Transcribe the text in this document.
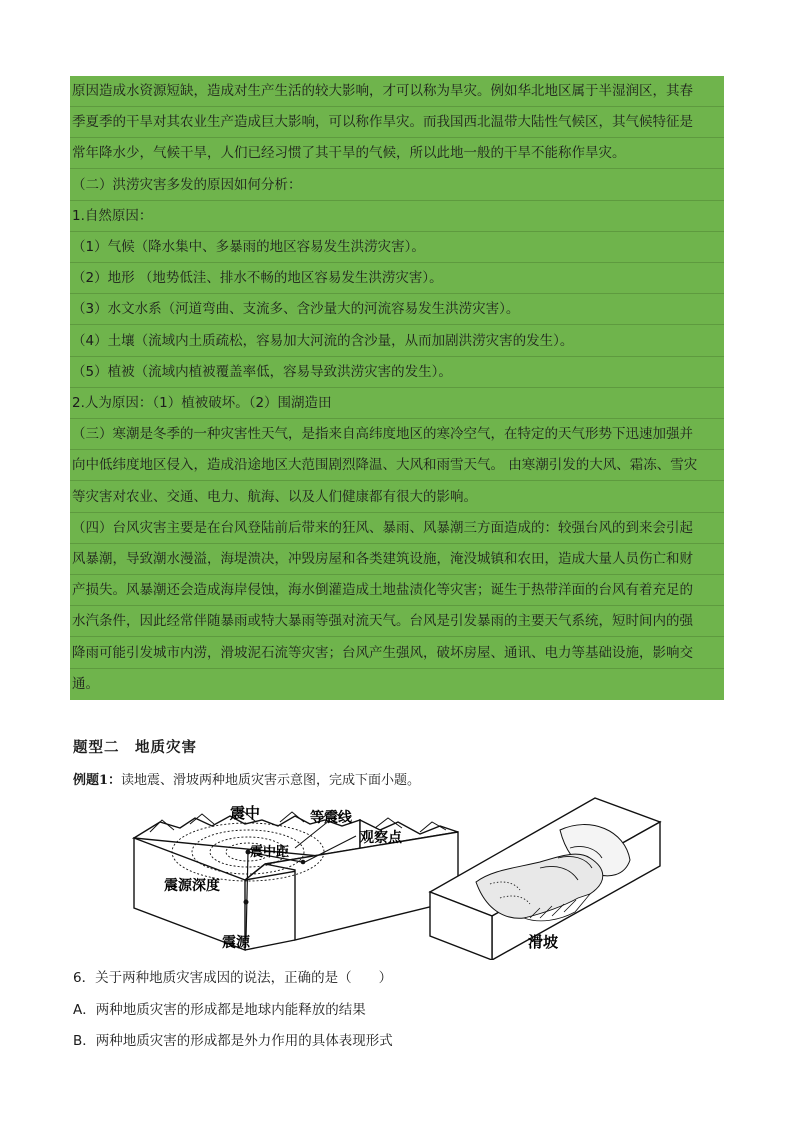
原因造成水资源短缺，造成对生产生活的较大影响，才可以称为旱灾。例如华北地区属于半湿润区，其春
季夏季的干旱对其农业生产造成巨大影响，可以称作旱灾。而我国西北温带大陆性气候区，其气候特征是
常年降水少，气候干旱，人们已经习惯了其干旱的气候，所以此地一般的干旱不能称作旱灾。
（二）洪涝灾害多发的原因如何分析：
1.自然原因：
（1）气候（降水集中、多暴雨的地区容易发生洪涝灾害）。
（2）地形 （地势低洼、排水不畅的地区容易发生洪涝灾害）。
（3）水文水系（河道弯曲、支流多、含沙量大的河流容易发生洪涝灾害）。
（4）土壤（流域内土质疏松，容易加大河流的含沙量，从而加剧洪涝灾害的发生）。
（5）植被（流域内植被覆盖率低，容易导致洪涝灾害的发生）。
2.人为原因：（1）植被破坏。（2）围湖造田
（三）寒潮是冬季的一种灾害性天气，是指来自高纬度地区的寒冷空气，在特定的天气形势下迅速加强并
向中低纬度地区侵入，造成沿途地区大范围剧烈降温、大风和雨雪天气。 由寒潮引发的大风、霜冻、雪灾
等灾害对农业、交通、电力、航海、以及人们健康都有很大的影响。
（四）台风灾害主要是在台风登陆前后带来的狂风、暴雨、风暴潮三方面造成的：较强台风的到来会引起
风暴潮，导致潮水漫溢，海堤溃决，冲毁房屋和各类建筑设施，淹没城镇和农田，造成大量人员伤亡和财
产损失。风暴潮还会造成海岸侵蚀，海水倒灌造成土地盐渍化等灾害；诞生于热带洋面的台风有着充足的
水汽条件，因此经常伴随暴雨或特大暴雨等强对流天气。台风是引发暴雨的主要天气系统，短时间内的强
降雨可能引发城市内涝，滑坡泥石流等灾害；台风产生强风，破坏房屋、通讯、电力等基础设施，影响交
通。
题型二　地质灾害
例题1：读地震、滑坡两种地质灾害示意图，完成下面小题。
震中	等震线
观察点
震中距
震源深度
震源	滑坡
6．关于两种地质灾害成因的说法，正确的是（　　）
A．两种地质灾害的形成都是地球内能释放的结果
B．两种地质灾害的形成都是外力作用的具体表现形式
